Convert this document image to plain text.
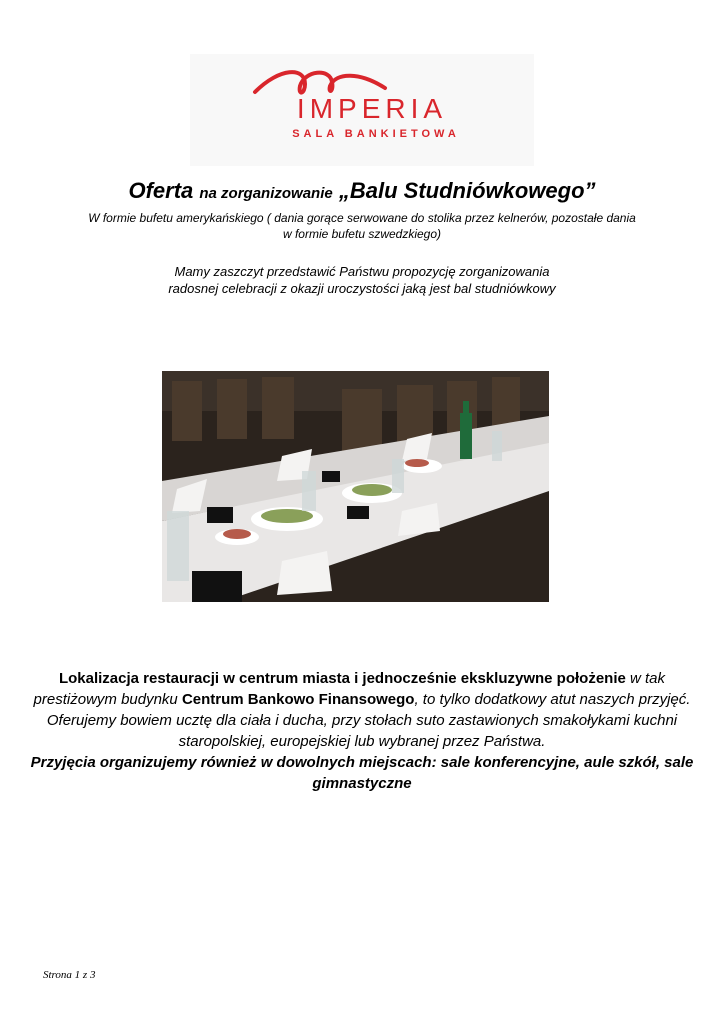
IMPERIA
SALA BANKIETOWA
Oferta na zorganizowanie „Balu Studniówkowego”
W formie bufetu amerykańskiego ( dania gorące serwowane do stolika przez kelnerów, pozostałe dania
w formie bufetu szwedzkiego)
Mamy zaszczyt przedstawić Państwu propozycję zorganizowania
radosnej celebracji z okazji uroczystości jaką jest bal studniówkowy
Lokalizacja restauracji w centrum miasta i jednocześnie ekskluzywne położenie w tak prestiżowym budynku Centrum Bankowo Finansowego, to tylko dodatkowy atut naszych przyjęć. Oferujemy bowiem ucztę dla ciała i ducha, przy stołach suto zastawionych smakołykami kuchni staropolskiej, europejskiej lub wybranej przez Państwa.
Przyjęcia organizujemy również w dowolnych miejscach: sale konferencyjne, aule szkół, sale gimnastyczne
Strona 1 z 3
